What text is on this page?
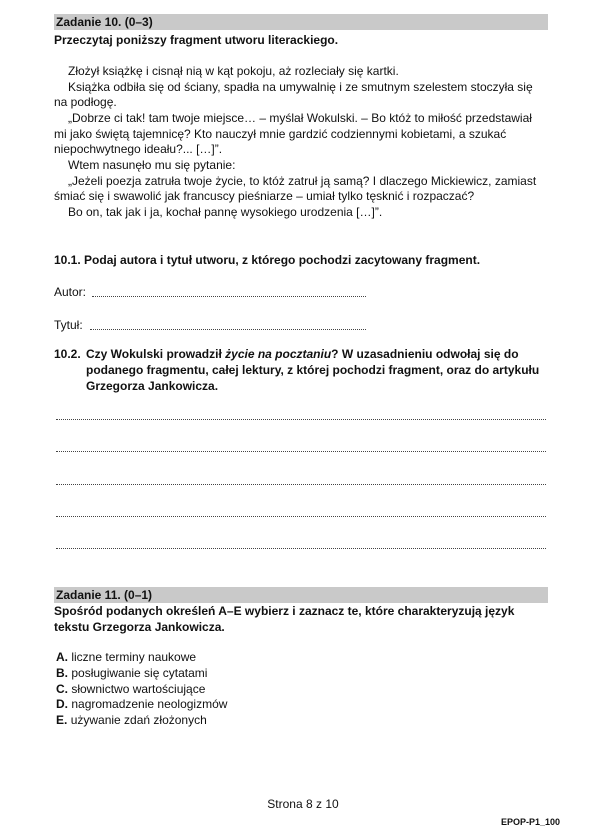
Zadanie 10. (0–3)
Przeczytaj poniższy fragment utworu literackiego.
Złożył książkę i cisnął nią w kąt pokoju, aż rozleciały się kartki.
Książka odbiła się od ściany, spadła na umywalnię i ze smutnym szelestem stoczyła się
na podłogę.
„Dobrze ci tak! tam twoje miejsce… – myślał Wokulski. – Bo któż to miłość przedstawiał
mi jako świętą tajemnicę? Kto nauczył mnie gardzić codziennymi kobietami, a szukać
niepochwytnego ideału?... […]”.
Wtem nasunęło mu się pytanie:
„Jeżeli poezja zatruła twoje życie, to któż zatruł ją samą? I dlaczego Mickiewicz, zamiast
śmiać się i swawolić jak francuscy pieśniarze – umiał tylko tęsknić i rozpaczać?
Bo on, tak jak i ja, kochał pannę wysokiego urodzenia […]”.
10.1. Podaj autora i tytuł utworu, z którego pochodzi zacytowany fragment.
Autor:
Tytuł:
10.2. Czy Wokulski prowadził życie na pocztaniu? W uzasadnieniu odwołaj się do
podanego fragmentu, całej lektury, z której pochodzi fragment, oraz do artykułu
Grzegorza Jankowicza.
Zadanie 11. (0–1)
Spośród podanych określeń A–E wybierz i zaznacz te, które charakteryzują język
tekstu Grzegorza Jankowicza.
A. liczne terminy naukowe
B. posługiwanie się cytatami
C. słownictwo wartościujące
D. nagromadzenie neologizmów
E. używanie zdań złożonych
Strona 8 z 10
EPOP-P1_100
